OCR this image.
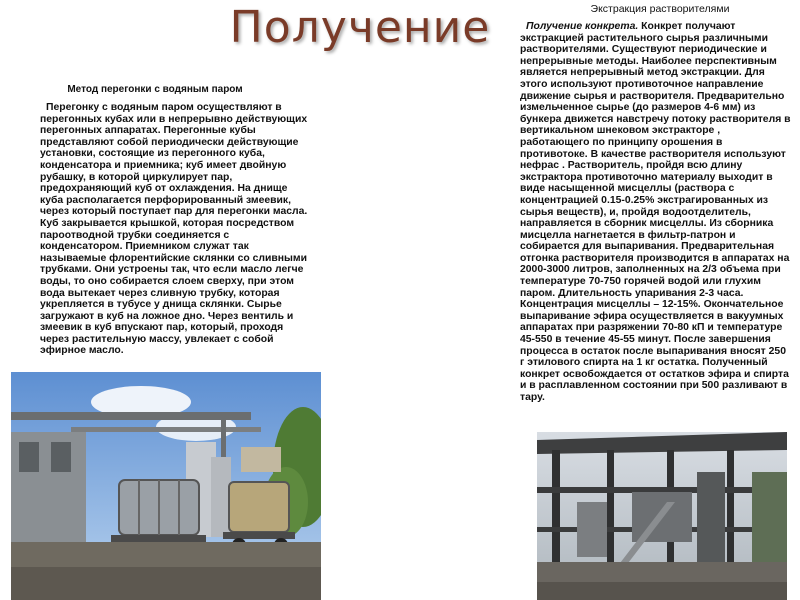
Получение
Метод перегонки с водяным паром
Перегонку с водяным паром осуществляют в перегонных кубах или в непрерывно действующих перегонных аппаратах. Перегонные кубы представляют собой периодически действующие установки, состоящие из перегонного куба, конденсатора и приемника; куб имеет двойную рубашку, в которой циркулирует пар, предохраняющий куб от охлаждения. На днище куба располагается перфорированный змеевик, через который поступает пар для перегонки масла. Куб закрывается крышкой, которая посредством пароотводной трубки соединяется с конденсатором. Приемником служат так называемые флорентийские склянки со сливными трубками. Они устроены так, что если масло легче воды, то оно собирается слоем сверху, при этом вода вытекает через сливную трубку, которая укрепляется в тубусе у днища склянки. Сырье загружают в куб на ложное дно. Через вентиль и змеевик в куб впускают пар, который, проходя через растительную массу, увлекает с собой эфирное масло.
Экстракция растворителями
Получение конкрета. Конкрет получают экстракцией растительного сырья различными растворителями. Существуют периодические и непрерывные методы. Наиболее перспективным является непрерывный метод экстракции. Для этого используют противоточное направление движение сырья и растворителя. Предварительно измельченное сырье (до размеров 4-6 мм) из бункера движется навстречу потоку растворителя в вертикальном шнековом экстракторе , работающего по принципу орошения в противотоке. В качестве растворителя используют нефрас . Растворитель, пройдя всю длину экстрактора противоточно материалу выходит в виде насыщенной мисцеллы (раствора с концентрацией 0.15-0.25% экстрагированных из сырья веществ), и, пройдя водоотделитель, направляется в сборник мисцеллы. Из сборника мисцелла нагнетается в фильтр-патрон и собирается для выпаривания. Предварительная отгонка растворителя производится в аппаратах на 2000-3000 литров, заполненных на 2/3 объема при температуре 70-750 горячей водой или глухим паром. Длительность упаривания 2-3 часа. Концентрация мисцеллы – 12-15%. Окончательное выпаривание эфира осуществляется в вакуумных аппаратах при разряжении 70-80 кП и температуре 45-550 в течение 45-55 минут. После завершения процесса в остаток после выпаривания вносят 250 г этилового спирта на 1 кг остатка. Полученный конкрет освобождается от остатков эфира и спирта и в расплавленном состоянии при 500 разливают в тару.
